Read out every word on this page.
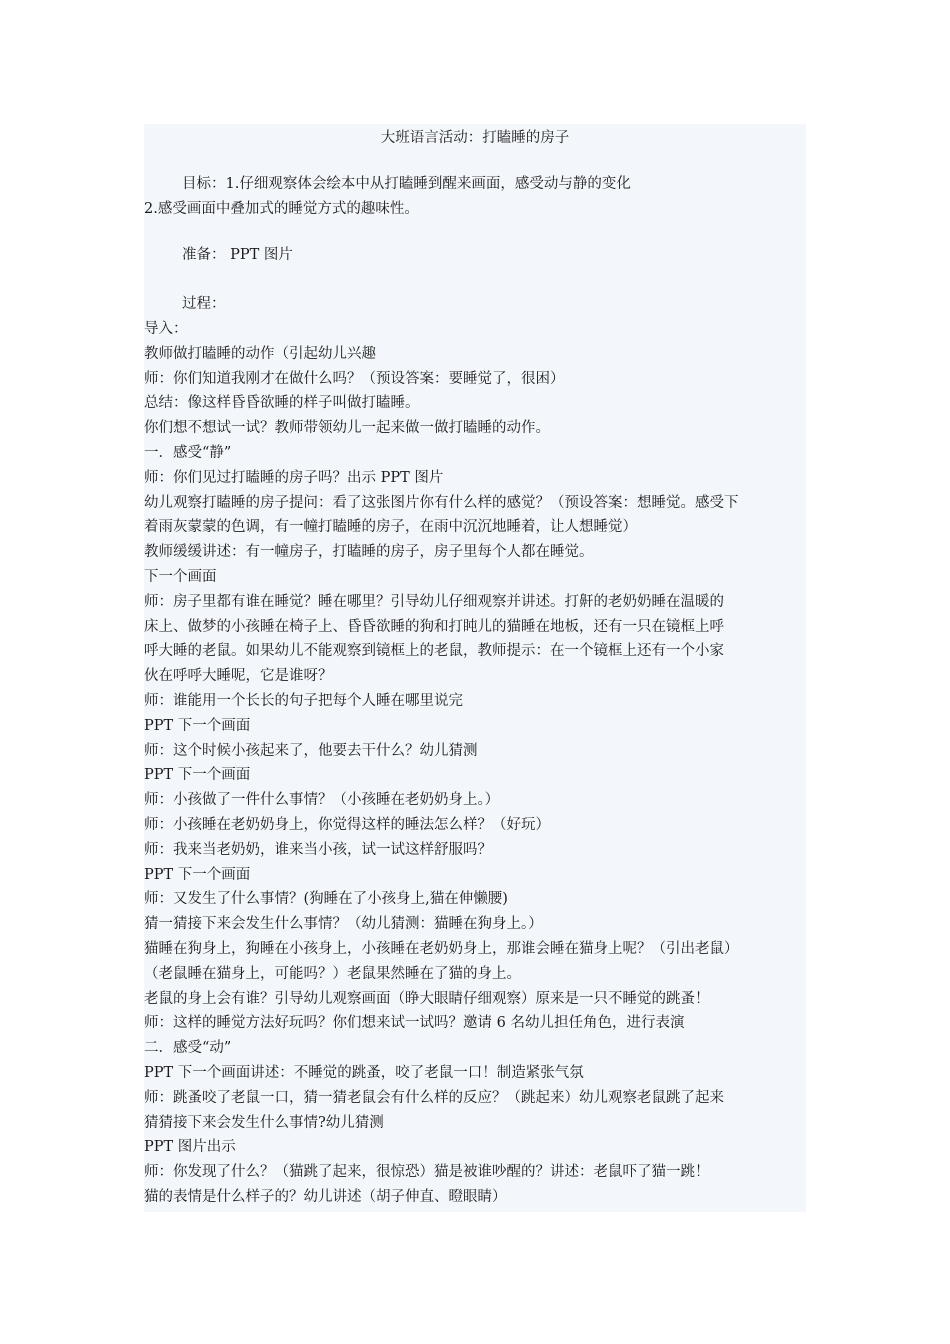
大班语言活动：打瞌睡的房子
目标：1.仔细观察体会绘本中从打瞌睡到醒来画面，感受动与静的变化
2.感受画面中叠加式的睡觉方式的趣味性。
准备： PPT 图片
过程：
导入：
教师做打瞌睡的动作（引起幼儿兴趣
师：你们知道我刚才在做什么吗？（预设答案：要睡觉了，很困）
总结：像这样昏昏欲睡的样子叫做打瞌睡。
你们想不想试一试？教师带领幼儿一起来做一做打瞌睡的动作。
一．感受“静”
师：你们见过打瞌睡的房子吗？出示 PPT 图片
幼儿观察打瞌睡的房子提问：看了这张图片你有什么样的感觉？（预设答案：想睡觉。感受下
着雨灰蒙蒙的色调，有一幢打瞌睡的房子，在雨中沉沉地睡着，让人想睡觉）
教师缓缓讲述：有一幢房子，打瞌睡的房子，房子里每个人都在睡觉。
下一个画面
师：房子里都有谁在睡觉？睡在哪里？引导幼儿仔细观察并讲述。打鼾的老奶奶睡在温暖的
床上、做梦的小孩睡在椅子上、昏昏欲睡的狗和打盹儿的猫睡在地板，还有一只在镜框上呼
呼大睡的老鼠。如果幼儿不能观察到镜框上的老鼠，教师提示：在一个镜框上还有一个小家
伙在呼呼大睡呢，它是谁呀？
师：谁能用一个长长的句子把每个人睡在哪里说完
PPT 下一个画面
师：这个时候小孩起来了，他要去干什么？幼儿猜测
PPT 下一个画面
师：小孩做了一件什么事情？（小孩睡在老奶奶身上。）
师：小孩睡在老奶奶身上，你觉得这样的睡法怎么样？（好玩）
师：我来当老奶奶，谁来当小孩，试一试这样舒服吗？
PPT 下一个画面
师：又发生了什么事情？(狗睡在了小孩身上,猫在伸懒腰)
猜一猜接下来会发生什么事情？（幼儿猜测：猫睡在狗身上。）
猫睡在狗身上，狗睡在小孩身上，小孩睡在老奶奶身上，那谁会睡在猫身上呢？（引出老鼠）
（老鼠睡在猫身上，可能吗？）老鼠果然睡在了猫的身上。
老鼠的身上会有谁？引导幼儿观察画面（睁大眼睛仔细观察）原来是一只不睡觉的跳蚤！
师：这样的睡觉方法好玩吗？你们想来试一试吗？邀请 6 名幼儿担任角色，进行表演
二．感受“动”
PPT 下一个画面讲述：不睡觉的跳蚤，咬了老鼠一口！制造紧张气氛
师：跳蚤咬了老鼠一口，猜一猜老鼠会有什么样的反应？（跳起来）幼儿观察老鼠跳了起来
猜猜接下来会发生什么事情?幼儿猜测
PPT 图片出示
师：你发现了什么？（猫跳了起来，很惊恐）猫是被谁吵醒的？讲述：老鼠吓了猫一跳！
猫的表情是什么样子的？幼儿讲述（胡子伸直、瞪眼睛）
